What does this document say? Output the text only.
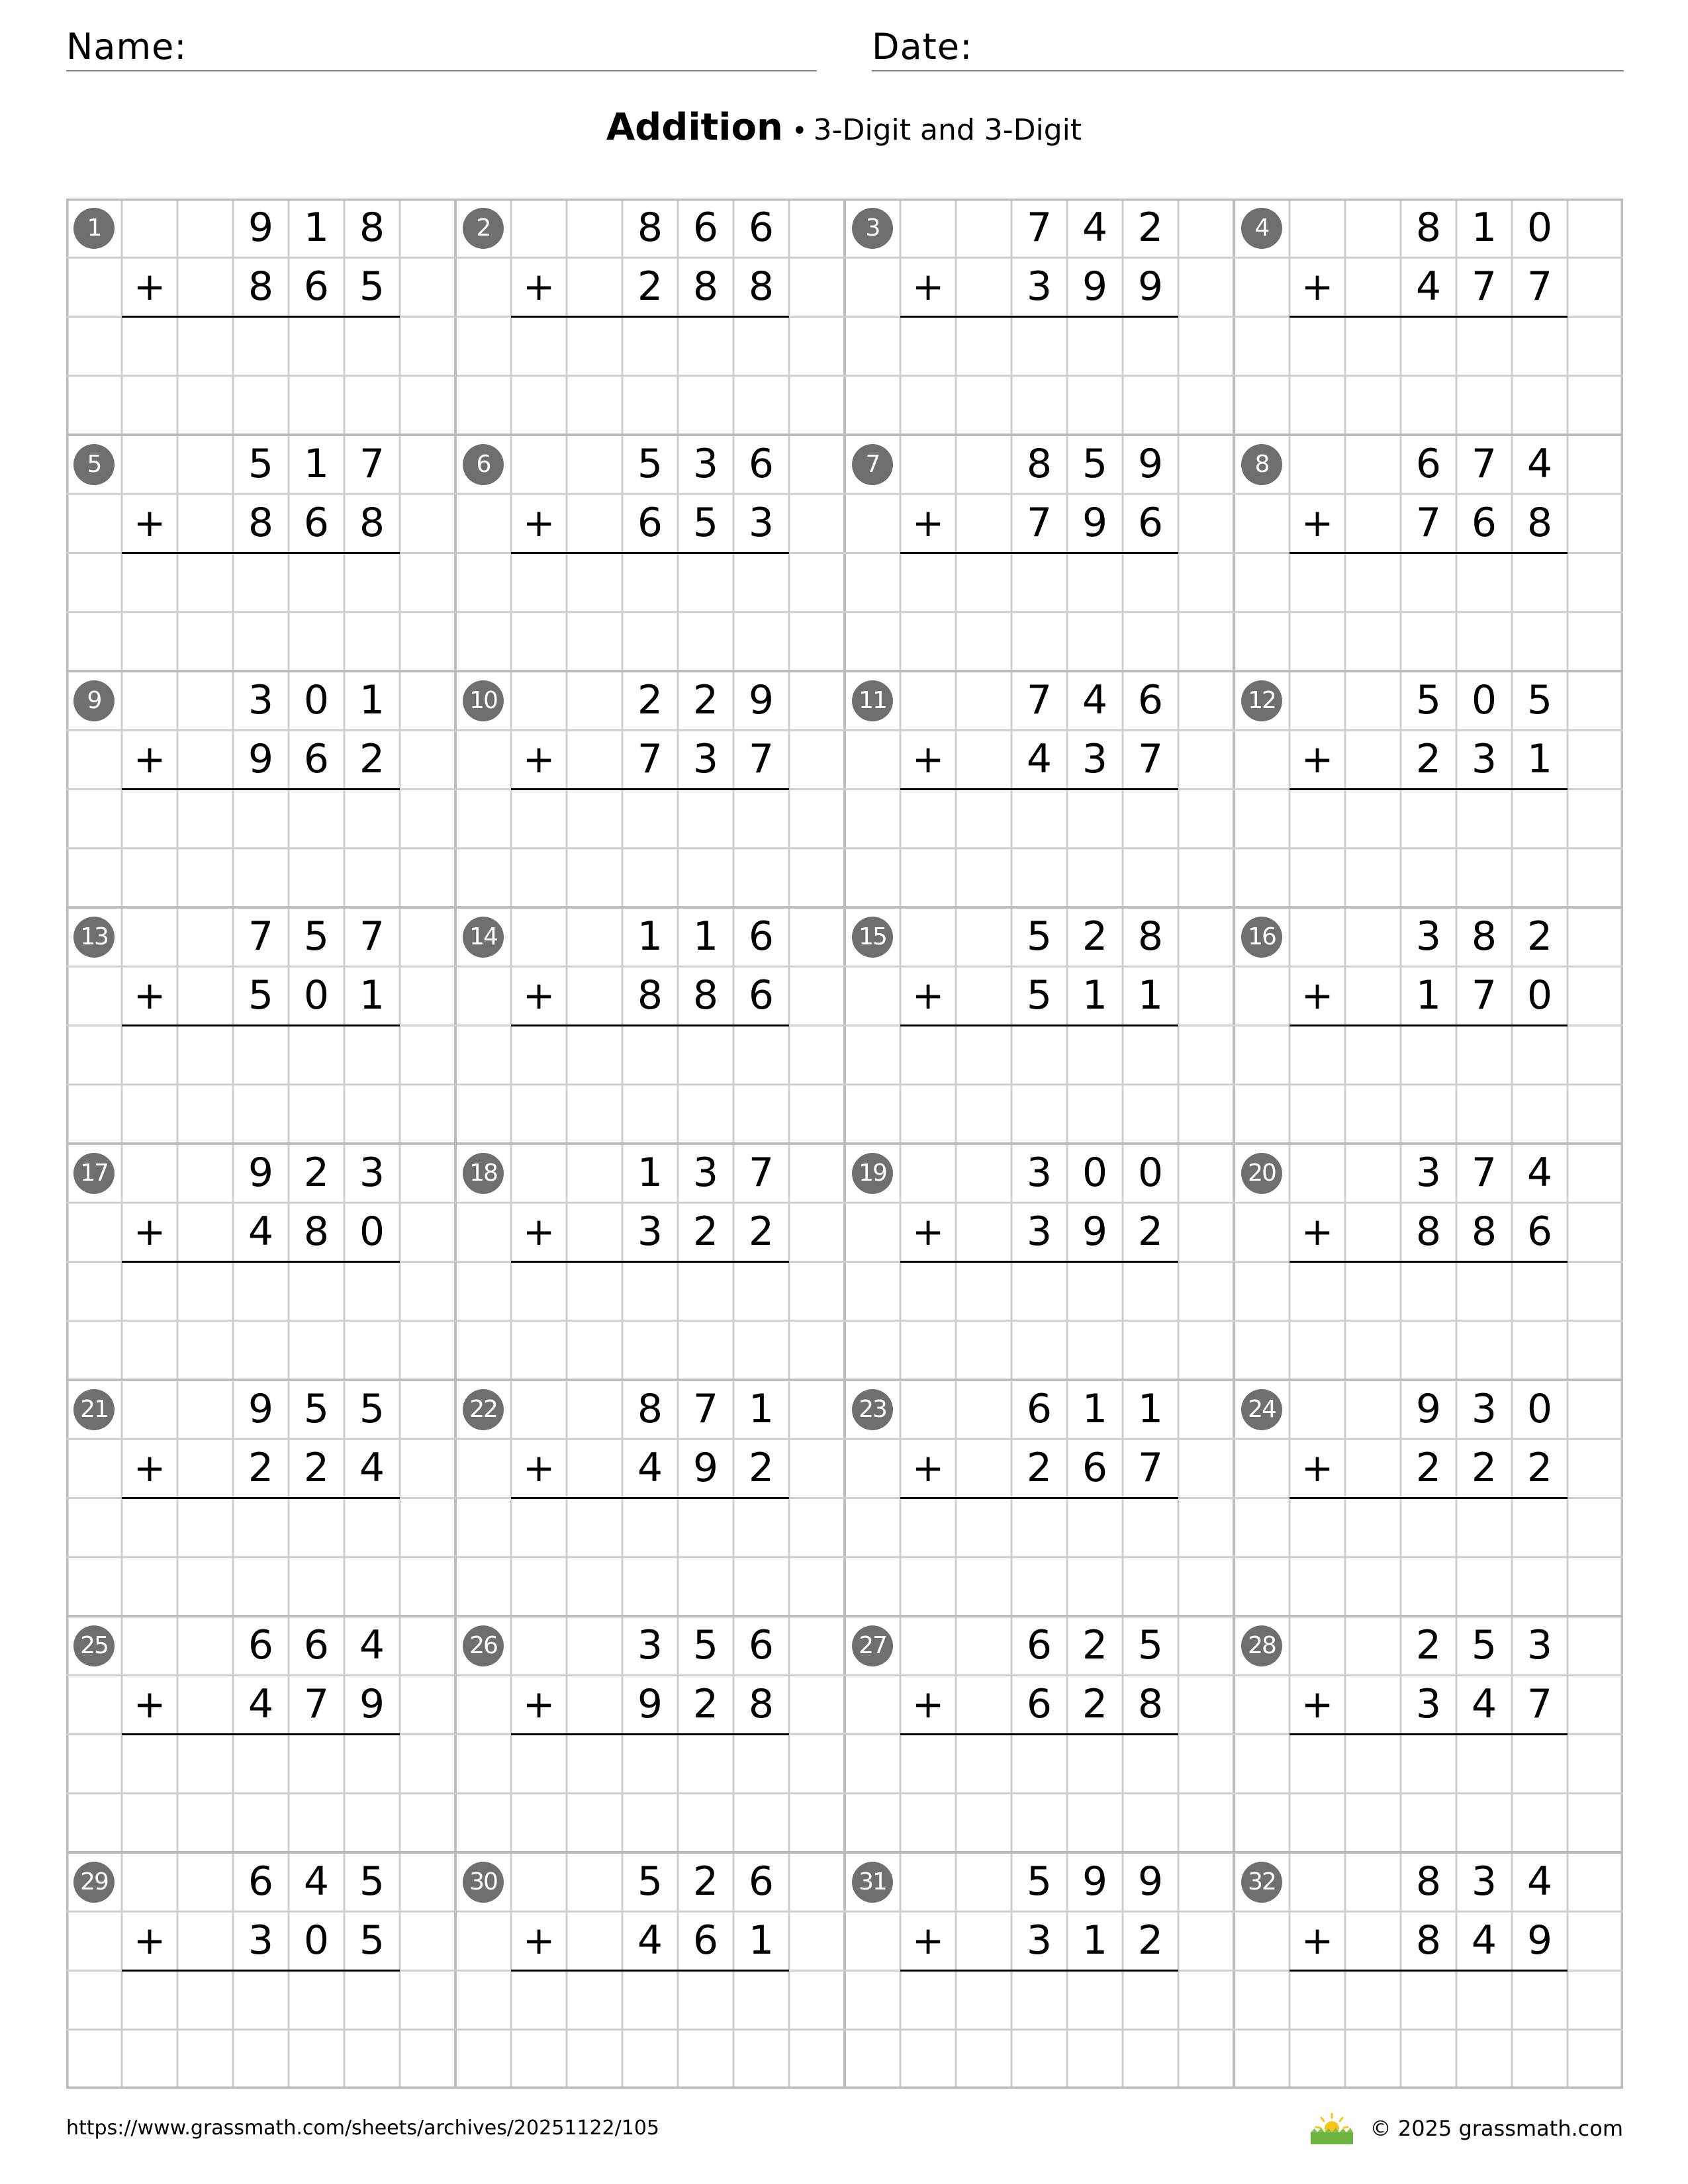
Name:	Date:
Addition • 3-Digit and 3-Digit
1	9 1 8
8 6 5
+
2	8 6 6
2 8 8
+
3	7 4 2
3 9 9
+
4	8 1 0
4 7 7
+
5	5 1 7
8 6 8
+
6	5 3 6
6 5 3
+
7	8 5 9
7 9 6
+
8	6 7 4
7 6 8
+
9	3 0 1
9 6 2
+
10	2 2 9
7 3 7
+
11	7 4 6
4 3 7
+
12	5 0 5
2 3 1
+
13	7 5 7
5 0 1
+
14	1 1 6
8 8 6
+
15	5 2 8
5 1 1
+
16	3 8 2
1 7 0
+
17	9 2 3
4 8 0
+
18	1 3 7
3 2 2
+
19	3 0 0
3 9 2
+
20	3 7 4
8 8 6
+
21	9 5 5
2 2 4
+
22	8 7 1
4 9 2
+
23	6 1 1
2 6 7
+
24	9 3 0
2 2 2
+
25	6 6 4
4 7 9
+
26	3 5 6
9 2 8
+
27	6 2 5
6 2 8
+
28	2 5 3
3 4 7
+
29	6 4 5
3 0 5
+
30	5 2 6
4 6 1
+
31	5 9 9
3 1 2
+
32	8 3 4
8 4 9
+
https://www.grassmath.com/sheets/archives/20251122/105	© 2025 grassmath.com
